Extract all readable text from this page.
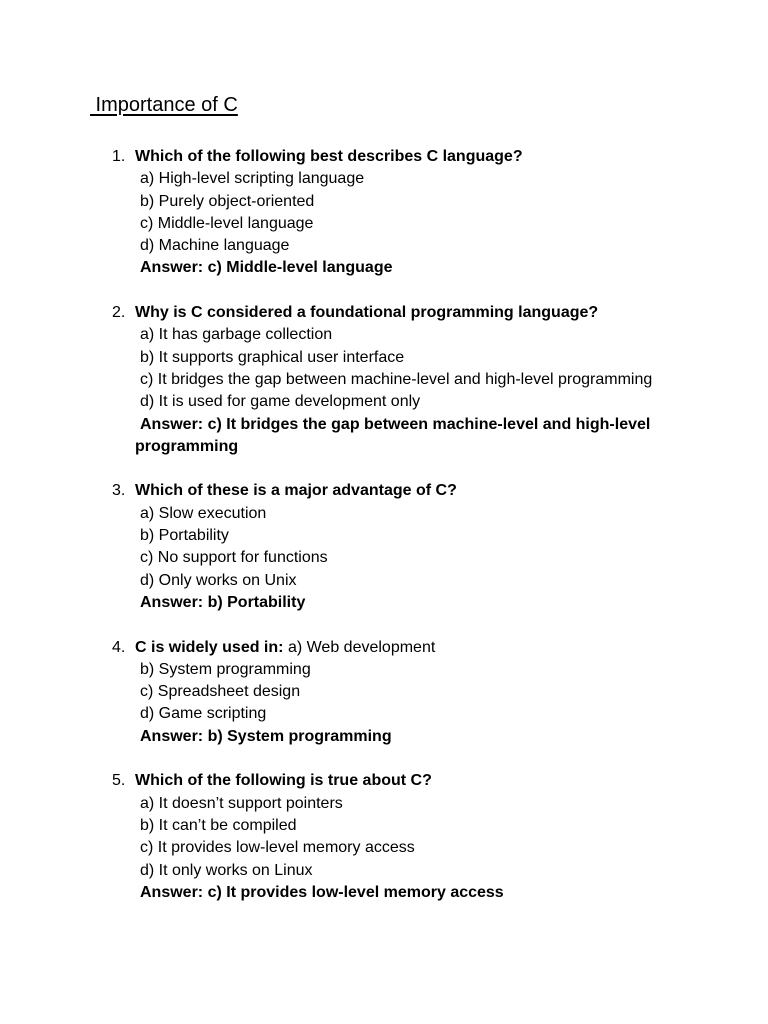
Importance of C
1. Which of the following best describes C language?
a) High-level scripting language
b) Purely object-oriented
c) Middle-level language
d) Machine language
Answer: c) Middle-level language
2. Why is C considered a foundational programming language?
a) It has garbage collection
b) It supports graphical user interface
c) It bridges the gap between machine-level and high-level programming
d) It is used for game development only
Answer: c) It bridges the gap between machine-level and high-level programming
3. Which of these is a major advantage of C?
a) Slow execution
b) Portability
c) No support for functions
d) Only works on Unix
Answer: b) Portability
4. C is widely used in: a) Web development
b) System programming
c) Spreadsheet design
d) Game scripting
Answer: b) System programming
5. Which of the following is true about C?
a) It doesn’t support pointers
b) It can’t be compiled
c) It provides low-level memory access
d) It only works on Linux
Answer: c) It provides low-level memory access
